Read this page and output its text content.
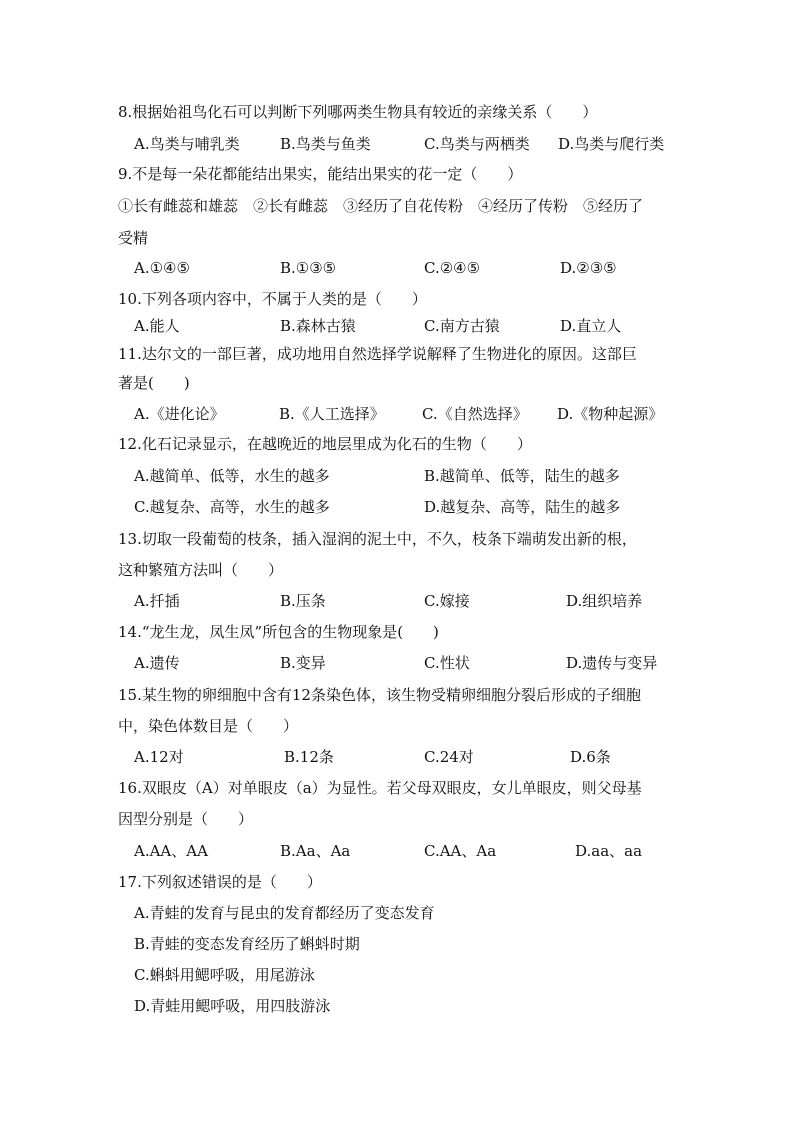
8.根据始祖鸟化石可以判断下列哪两类生物具有较近的亲缘关系（　　）
A.鸟类与哺乳类	B.鸟类与鱼类	C.鸟类与两栖类 D.鸟类与爬行类
9.不是每一朵花都能结出果实，能结出果实的花一定（　　）
①长有雌蕊和雄蕊　②长有雌蕊　③经历了自花传粉　④经历了传粉　⑤经历了
受精
A.①④⑤	B.①③⑤	C.②④⑤	D.②③⑤
10.下列各项内容中，不属于人类的是（　　）
A.能人	B.森林古猿	C.南方古猿	D.直立人
11.达尔文的一部巨著，成功地用自然选择学说解释了生物进化的原因。这部巨
著是(　　)
A.《进化论》	B.《人工选择》 C.《自然选择》 D.《物种起源》
12.化石记录显示，在越晚近的地层里成为化石的生物（　　）
A.越简单、低等，水生的越多	B.越简单、低等，陆生的越多
C.越复杂、高等，水生的越多	D.越复杂、高等，陆生的越多
13.切取一段葡萄的枝条，插入湿润的泥土中，不久，枝条下端萌发出新的根，
这种繁殖方法叫（　　）
A.扦插	B.压条	C.嫁接	D.组织培养
14.“龙生龙，凤生凤”所包含的生物现象是(　　)
A.遗传	B.变异	C.性状	D.遗传与变异
15.某生物的卵细胞中含有12条染色体，该生物受精卵细胞分裂后形成的子细胞
中，染色体数目是（　　）
A.12对	B.12条	C.24对	D.6条
16.双眼皮（A）对单眼皮（a）为显性。若父母双眼皮，女儿单眼皮，则父母基
因型分别是（　　）
A.AA、AA	B.Aa、Aa	C.AA、Aa	D.aa、aa
17.下列叙述错误的是（　　）
A.青蛙的发育与昆虫的发育都经历了变态发育
B.青蛙的变态发育经历了蝌蚪时期
C.蝌蚪用鳃呼吸，用尾游泳
D.青蛙用鳃呼吸，用四肢游泳
